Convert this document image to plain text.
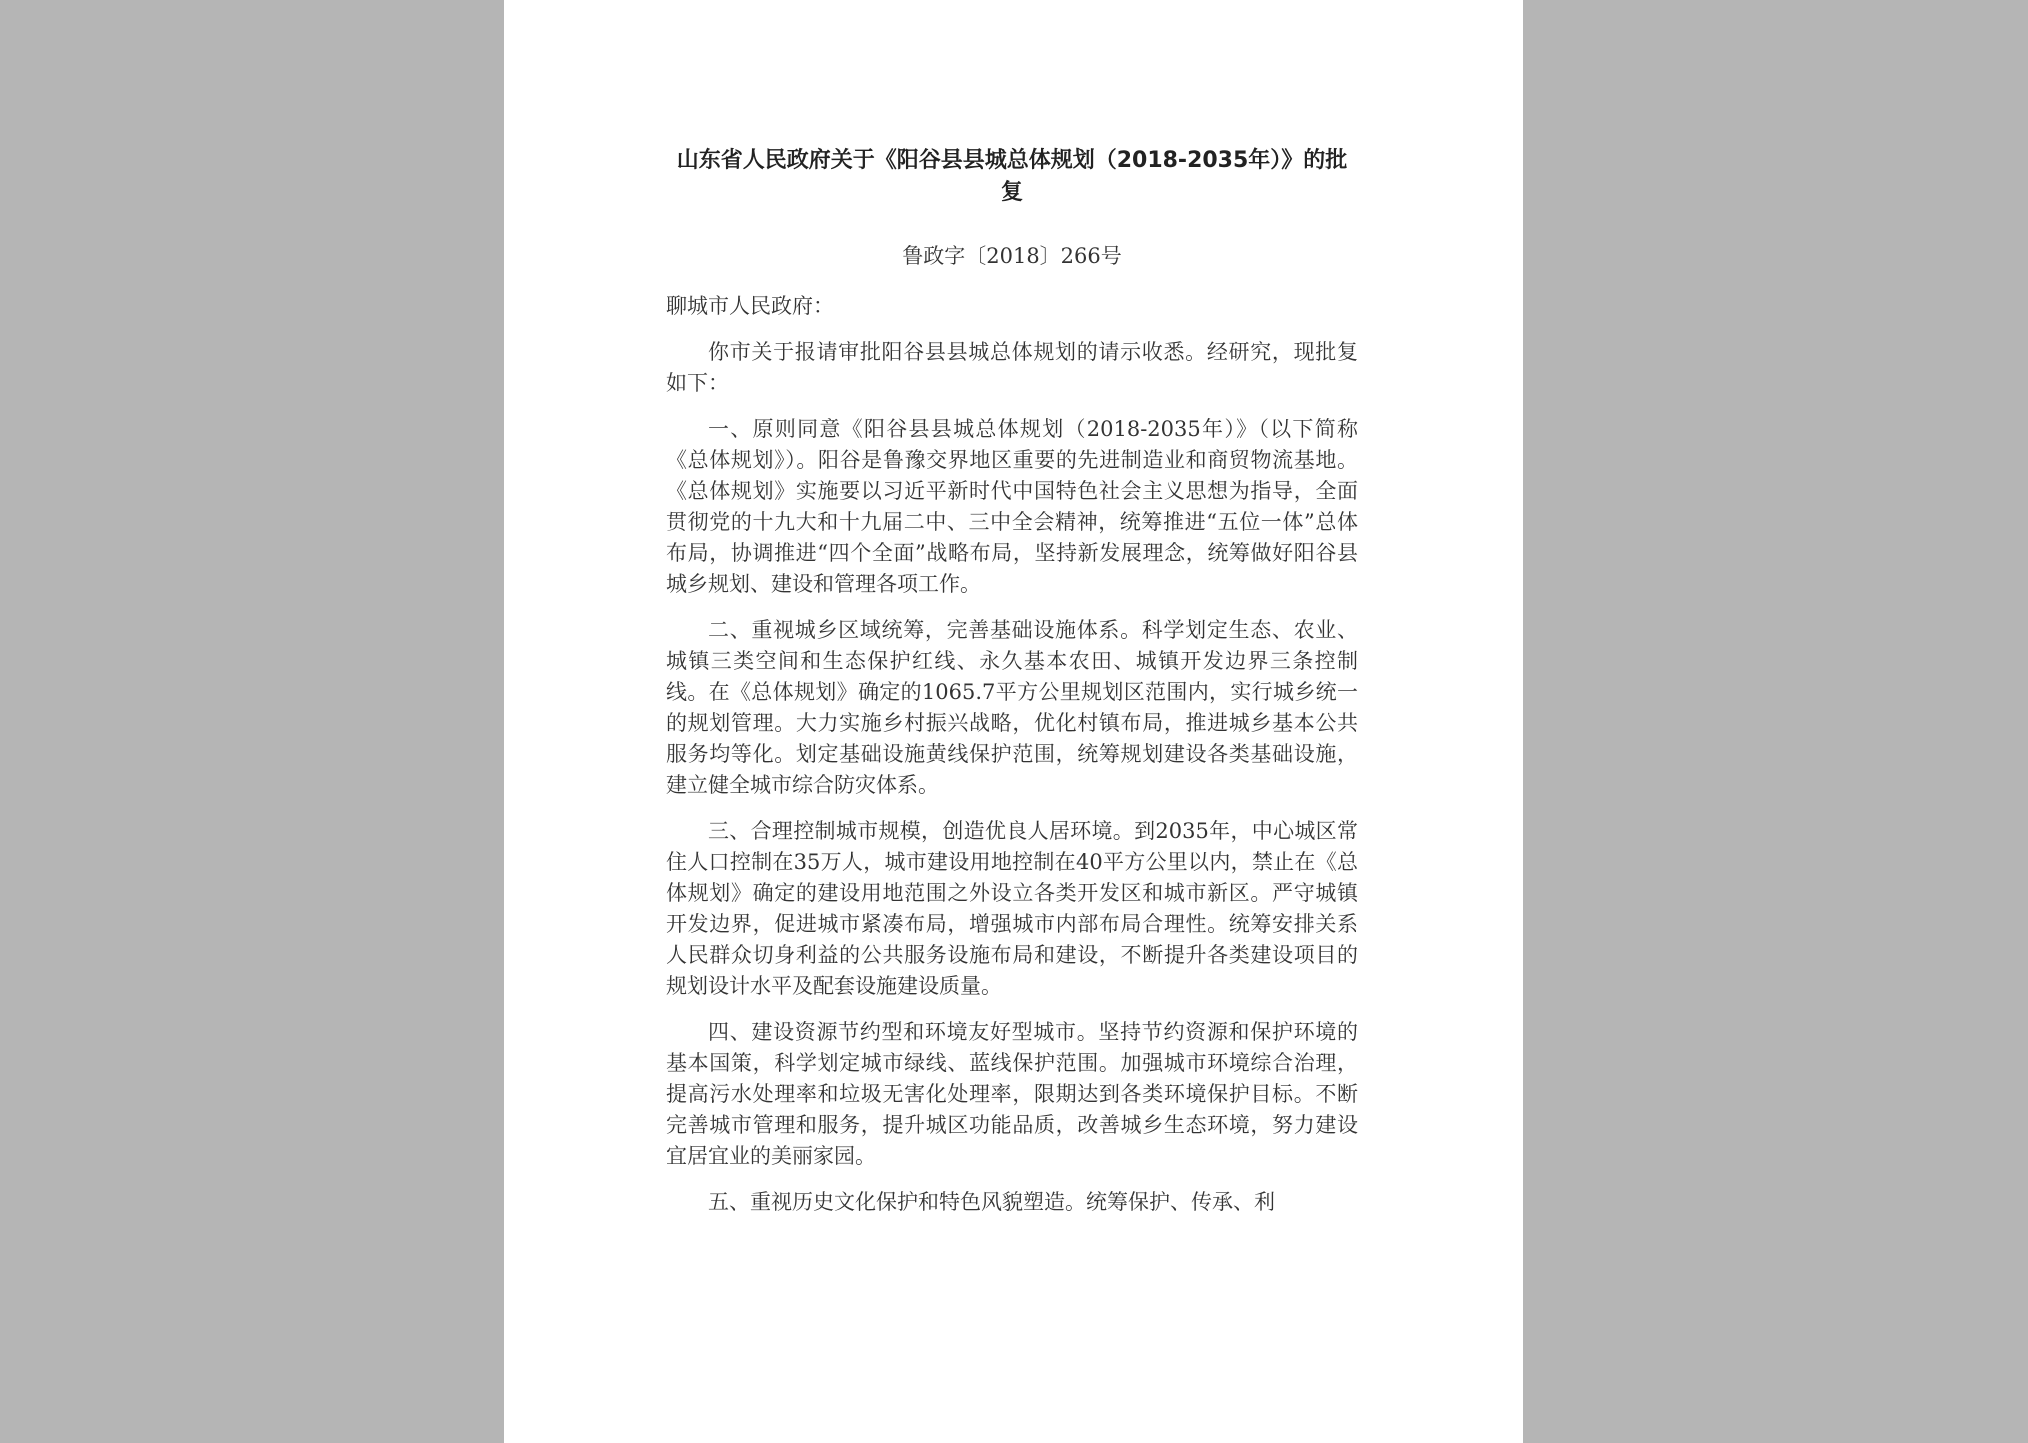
山东省人民政府关于《阳谷县县城总体规划（2018-2035年）》的批复
鲁政字〔2018〕266号
聊城市人民政府：

你市关于报请审批阳谷县县城总体规划的请示收悉。经研究，现批复如下：

一、原则同意《阳谷县县城总体规划（2018-2035年）》（以下简称《总体规划》）。阳谷是鲁豫交界地区重要的先进制造业和商贸物流基地。《总体规划》实施要以习近平新时代中国特色社会主义思想为指导，全面贯彻党的十九大和十九届二中、三中全会精神，统筹推进“五位一体”总体布局，协调推进“四个全面”战略布局，坚持新发展理念，统筹做好阳谷县城乡规划、建设和管理各项工作。

二、重视城乡区域统筹，完善基础设施体系。科学划定生态、农业、城镇三类空间和生态保护红线、永久基本农田、城镇开发边界三条控制线。在《总体规划》确定的1065.7平方公里规划区范围内，实行城乡统一的规划管理。大力实施乡村振兴战略，优化村镇布局，推进城乡基本公共服务均等化。划定基础设施黄线保护范围，统筹规划建设各类基础设施，建立健全城市综合防灾体系。

三、合理控制城市规模，创造优良人居环境。到2035年，中心城区常住人口控制在35万人，城市建设用地控制在40平方公里以内，禁止在《总体规划》确定的建设用地范围之外设立各类开发区和城市新区。严守城镇开发边界，促进城市紧凑布局，增强城市内部布局合理性。统筹安排关系人民群众切身利益的公共服务设施布局和建设，不断提升各类建设项目的规划设计水平及配套设施建设质量。

四、建设资源节约型和环境友好型城市。坚持节约资源和保护环境的基本国策，科学划定城市绿线、蓝线保护范围。加强城市环境综合治理，提高污水处理率和垃圾无害化处理率，限期达到各类环境保护目标。不断完善城市管理和服务，提升城区功能品质，改善城乡生态环境，努力建设宜居宜业的美丽家园。

五、重视历史文化保护和特色风貌塑造。统筹保护、传承、利
